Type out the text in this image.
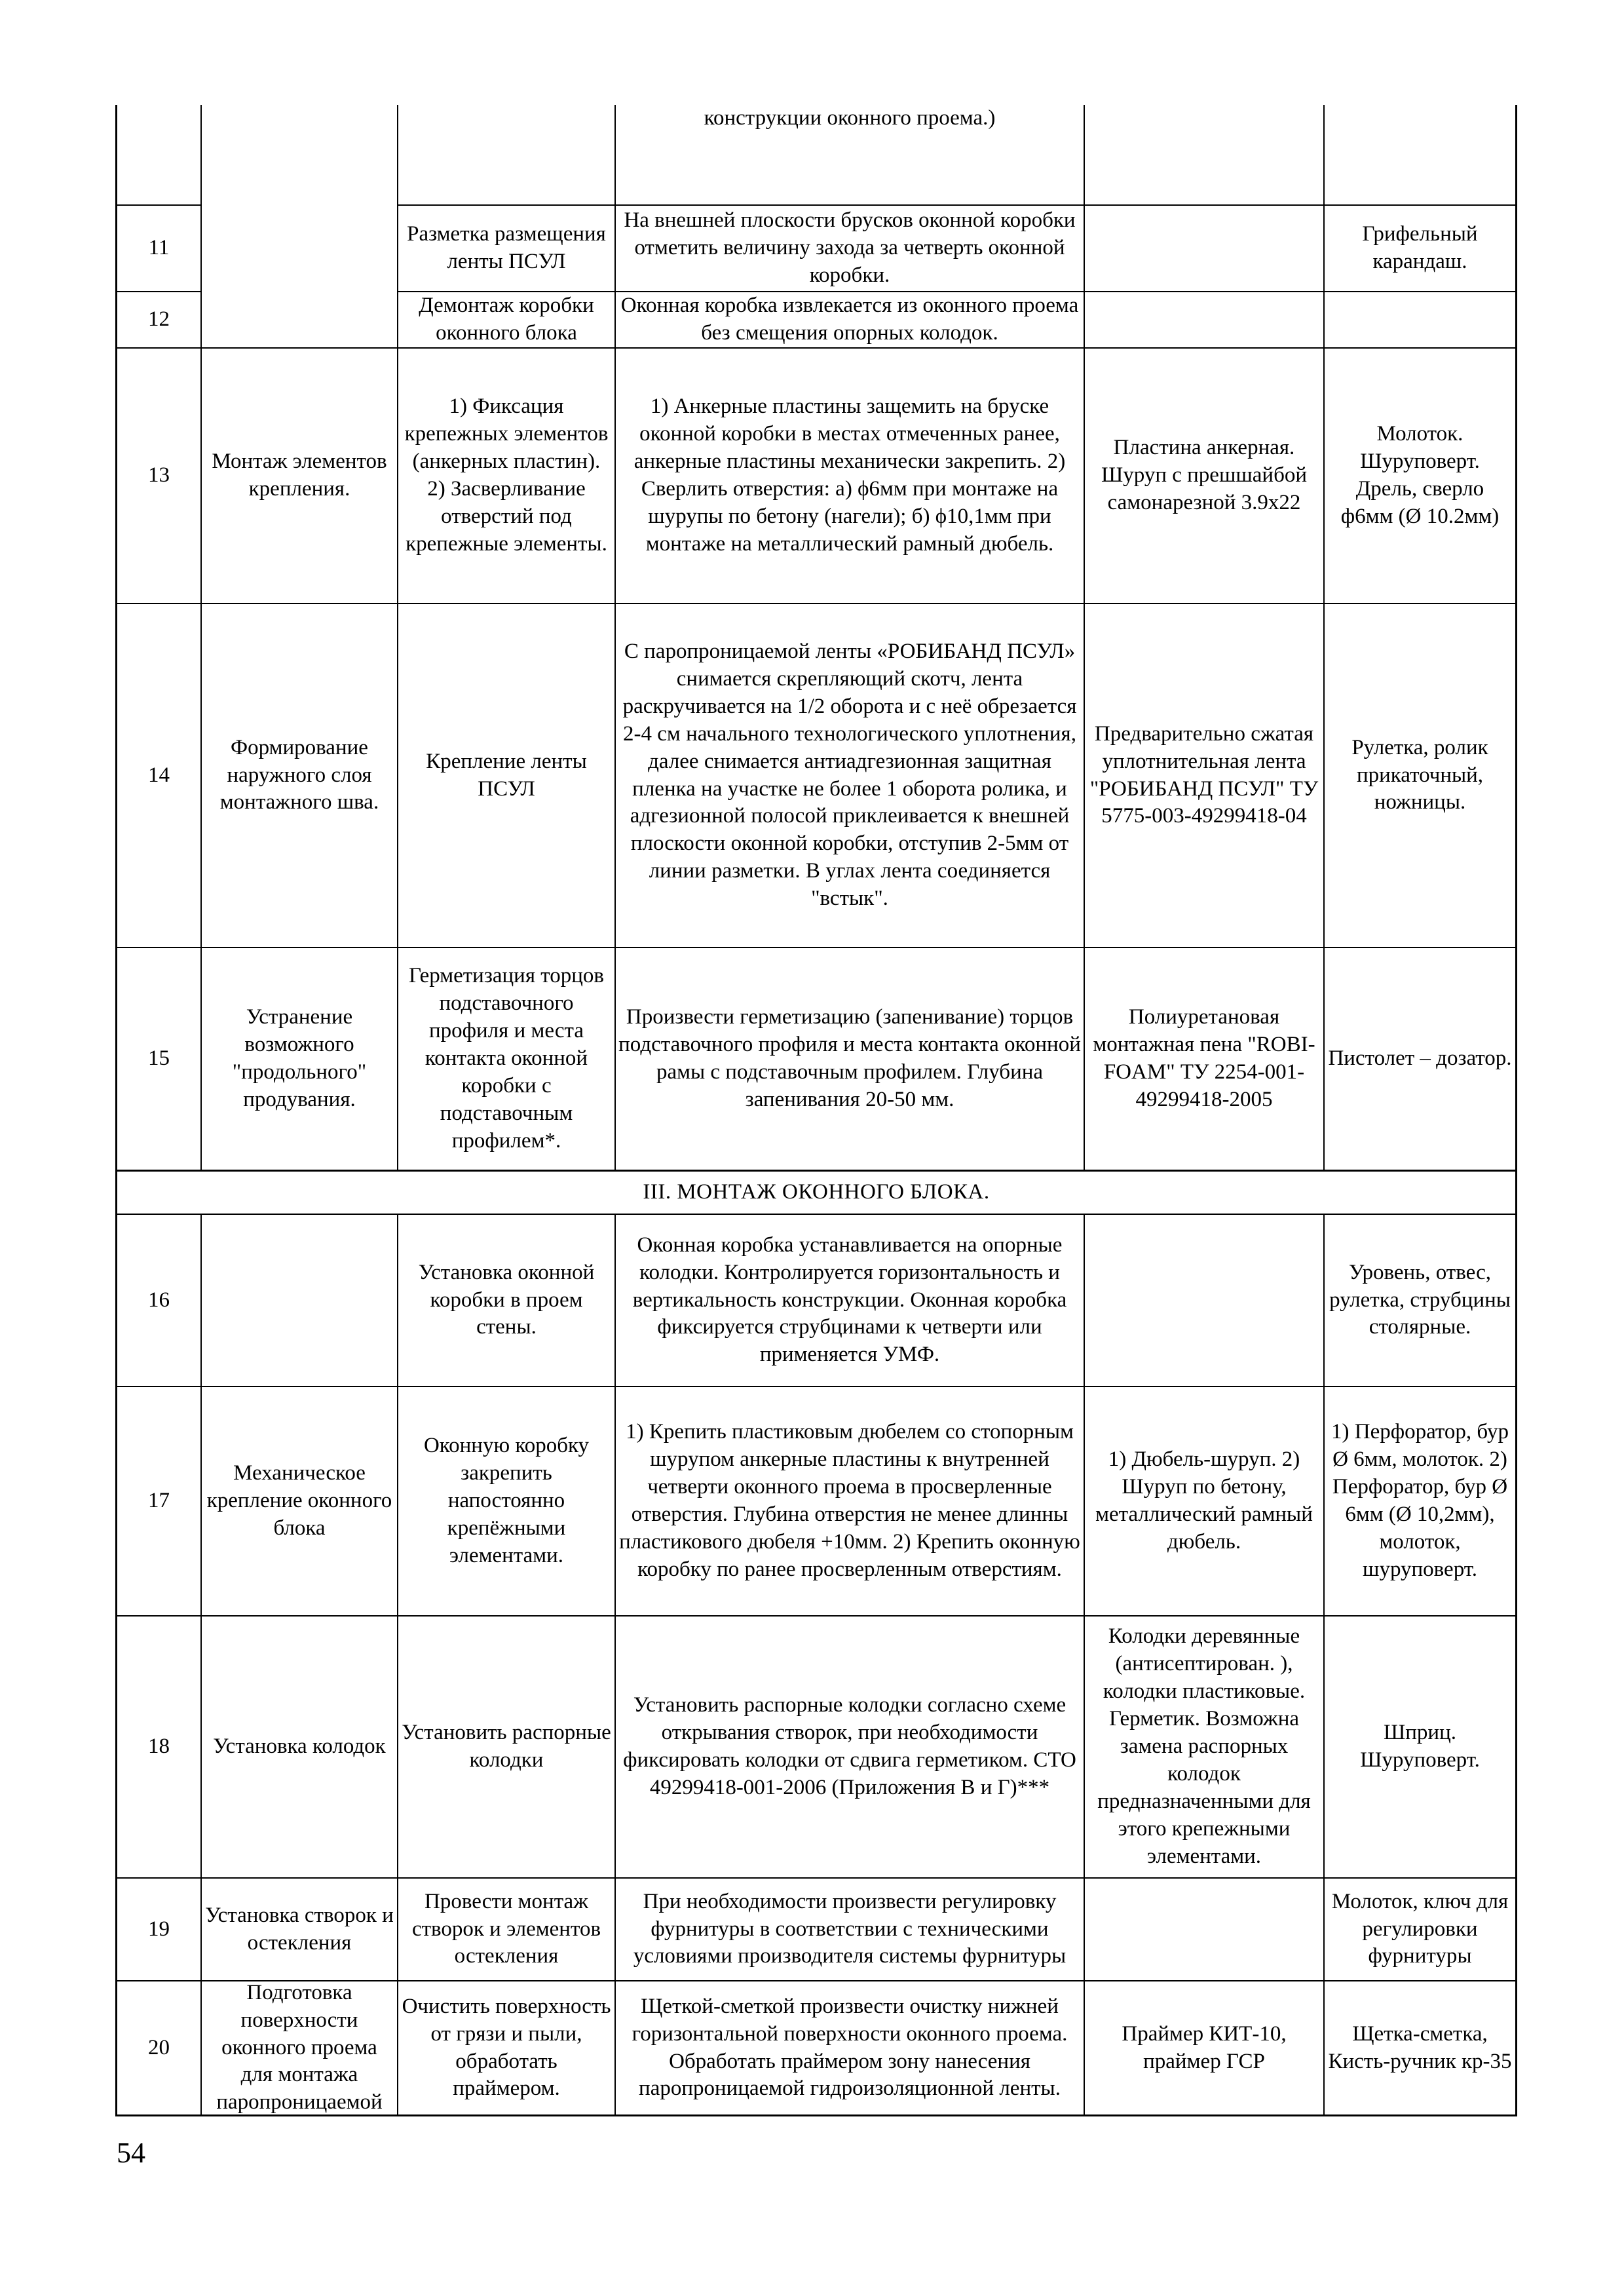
конструкции оконного проема.)
11
Разметка размещения ленты ПСУЛ
На внешней плоскости брусков оконной коробки отметить величину захода за четверть оконной коробки.
Грифельный карандаш.
12
Демонтаж коробки оконного блока
Оконная коробка извлекается из оконного проема без смещения опорных колодок.
13
Монтаж элементов крепления.
1) Фиксация крепежных элементов (анкерных пластин). 2) Засверливание отверстий под крепежные элементы.
1) Анкерные пластины защемить на бруске оконной коробки в местах отмеченных ранее, анкерные пластины механически закрепить. 2) Сверлить отверстия: а) ϕ6мм при монтаже на шурупы по бетону (нагели); б) ϕ10,1мм при монтаже на металлический рамный дюбель.
Пластина анкерная. Шуруп с прешшайбой самонарезной 3.9х22
Молоток. Шуруповерт. Дрель, сверло ф6мм (Ø 10.2мм)
14
Формирование наружного слоя монтажного шва.
Крепление ленты ПСУЛ
С паропроницаемой ленты «РОБИБАНД ПСУЛ» снимается скрепляющий скотч, лента раскручивается на 1/2 оборота и с неё обрезается 2-4 см начального технологического уплотнения, далее снимается антиадгезионная защитная пленка на участке не более 1 оборота ролика, и адгезионной полосой приклеивается к внешней плоскости оконной коробки, отступив 2-5мм от линии разметки. В углах лента соединяется "встык".
Предварительно сжатая уплотнительная лента "РОБИБАНД ПСУЛ" ТУ 5775-003-49299418-04
Рулетка, ролик прикаточный, ножницы.
15
Устранение возможного "продольного" продувания.
Герметизация торцов подставочного профиля и места контакта оконной коробки с подставочным профилем*.
Произвести герметизацию (запенивание) торцов подставочного профиля и места контакта оконной рамы с подставочным профилем. Глубина запенивания 20-50 мм.
Полиуретановая монтажная пена "ROBI-FOAM" ТУ 2254-001-49299418-2005
Пистолет – дозатор.
III. МОНТАЖ ОКОННОГО БЛОКА.
16
Установка оконной коробки в проем стены.
Оконная коробка устанавливается на опорные колодки. Контролируется горизонтальность и вертикальность конструкции. Оконная коробка фиксируется струбцинами к четверти или применяется УМФ.
Уровень, отвес, рулетка, струбцины столярные.
17
Механическое крепление оконного блока
Оконную коробку закрепить напостоянно крепёжными элементами.
1) Крепить пластиковым дюбелем со стопорным шурупом анкерные пластины к внутренней четверти оконного проема в просверленные отверстия. Глубина отверстия не менее длинны пластикового дюбеля +10мм. 2) Крепить оконную коробку по ранее просверленным отверстиям.
1) Дюбель-шуруп. 2) Шуруп по бетону, металлический рамный дюбель.
1) Перфоратор, бур Ø 6мм, молоток. 2) Перфоратор, бур Ø 6мм (Ø 10,2мм), молоток, шуруповерт.
18	Установка колодок
Установить распорные колодки
Установить распорные колодки согласно схеме открывания створок, при необходимости фиксировать колодки от сдвига герметиком. СТО 49299418-001-2006 (Приложения В и Г)***
Колодки деревянные (антисептирован. ), колодки пластиковые. Герметик. Возможна замена распорных колодок предназначенными для этого крепежными элементами.
Шприц. Шуруповерт.
19
Установка створок и остекления
Провести монтаж створок и элементов остекления
При необходимости произвести регулировку фурнитуры в соответствии с техническими условиями производителя системы фурнитуры
Молоток, ключ для регулировки фурнитуры
20
Подготовка поверхности оконного проема для монтажа паропроницаемой
Очистить поверхность от грязи и пыли, обработать праймером.
Щеткой-сметкой произвести очистку нижней горизонтальной поверхности оконного проема. Обработать праймером зону нанесения паропроницаемой гидроизоляционной ленты.
Праймер КИТ-10, праймер ГСР
Щетка-сметка, Кисть-ручник кр-35
54
